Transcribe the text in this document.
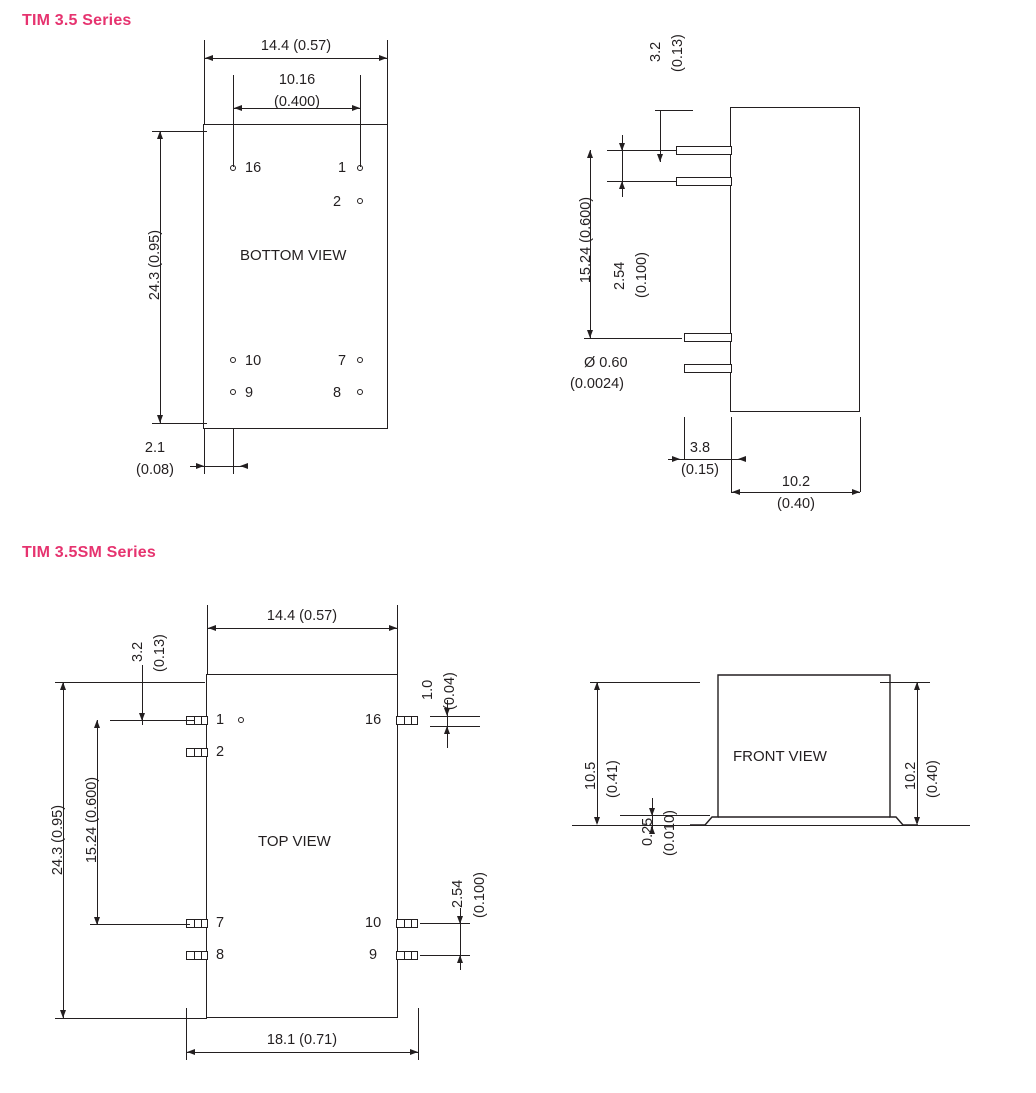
TIM 3.5 Series
BOTTOM VIEW
16
10
9
1
2
7
8
14.4 (0.57)
10.16
(0.400)
24.3 (0.95)
2.1
(0.08)
3.2 (0.13)
2.54 (0.100)
15.24 (0.600)
Ø 0.60
(0.0024)
3.8
(0.15)
10.2
(0.40)
TIM 3.5SM Series
TOP VIEW
1
2
7
8
16
10
9
14.4 (0.57)
3.2 (0.13)
24.3 (0.95) 15.24 (0.600)
1.0 (0.04)
2.54 (0.100)
18.1 (0.71)
FRONT VIEW
10.5 (0.41)	10.2 (0.40)
0.25 (0.010)
